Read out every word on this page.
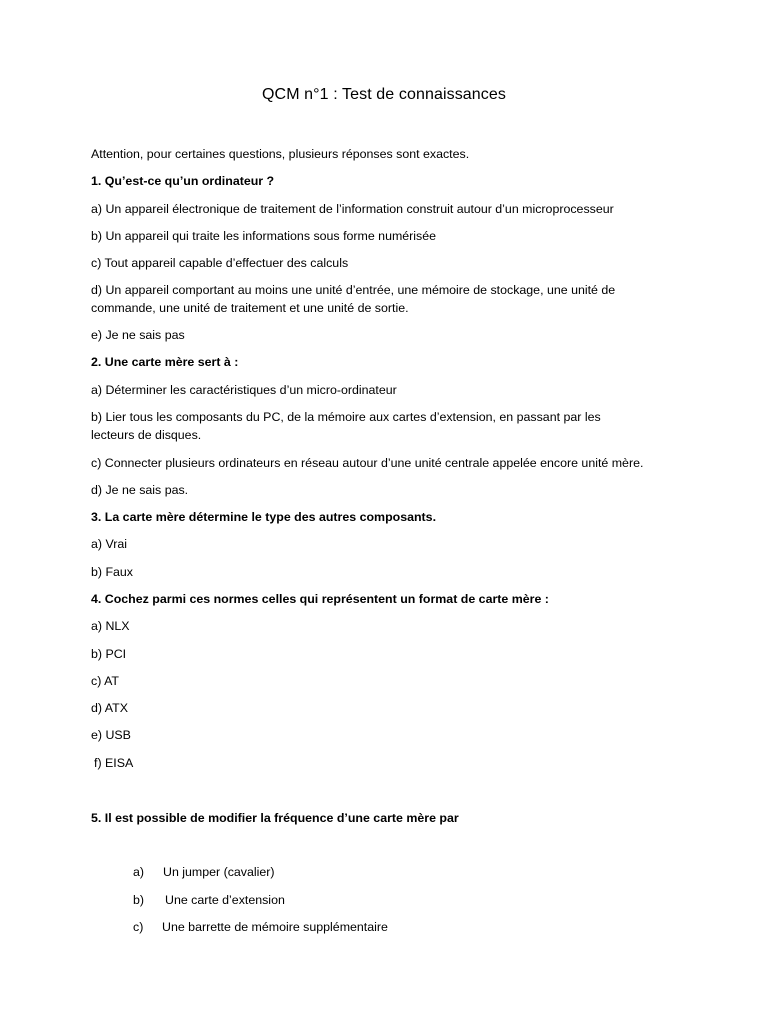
QCM n°1 : Test de connaissances
Attention, pour certaines questions, plusieurs réponses sont exactes.
1. Qu’est-ce qu’un ordinateur ?
a) Un appareil électronique de traitement de l’information construit autour d’un microprocesseur
b) Un appareil qui traite les informations sous forme numérisée
c) Tout appareil capable d’effectuer des calculs
d) Un appareil comportant au moins une unité d’entrée, une mémoire de stockage, une unité de
commande, une unité de traitement et une unité de sortie.
e) Je ne sais pas
2. Une carte mère sert à :
a) Déterminer les caractéristiques d’un micro-ordinateur
b) Lier tous les composants du PC, de la mémoire aux cartes d’extension, en passant par les
lecteurs de disques.
c) Connecter plusieurs ordinateurs en réseau autour d’une unité centrale appelée encore unité mère.
d) Je ne sais pas.
3. La carte mère détermine le type des autres composants.
a) Vrai
b) Faux
4. Cochez parmi ces normes celles qui représentent un format de carte mère :
a) NLX
b) PCI
c) AT
d) ATX
e) USB
f) EISA
5. Il est possible de modifier la fréquence d’une carte mère par
a) Un jumper (cavalier)
b) Une carte d’extension
c) Une barrette de mémoire supplémentaire
